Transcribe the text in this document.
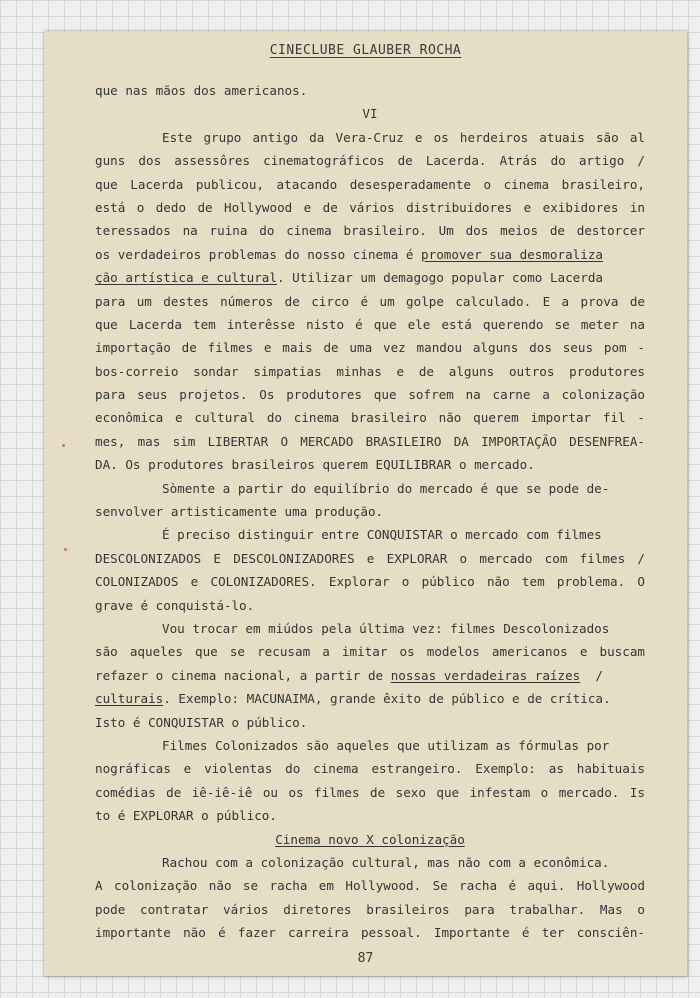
CINECLUBE GLAUBER ROCHA
que nas mãos dos americanos.
VI
Este grupo antigo da Vera-Cruz e os herdeiros atuais são al
guns dos assessôres cinematográficos de Lacerda. Atrás do artigo /
que Lacerda publicou, atacando desesperadamente o cinema brasileiro,
está o dedo de Hollywood e de vários distribuidores e exibidores in
teressados na ruina do cinema brasileiro. Um dos meios de destorcer
os verdadeiros problemas do nosso cinema é promover sua desmoraliza
ção artística e cultural. Utilizar um demagogo popular como Lacerda
para um destes números de circo é um golpe calculado. E a prova de
que Lacerda tem interêsse nisto é que ele está querendo se meter na
importação de filmes e mais de uma vez mandou alguns dos seus pom -
bos-correio sondar simpatias minhas e de alguns outros produtores
para seus projetos. Os produtores que sofrem na carne a colonização
econômica e cultural do cinema brasileiro não querem importar fil -
mes, mas sim LIBERTAR O MERCADO BRASILEIRO DA IMPORTAÇÃO DESENFREA-
DA. Os produtores brasileiros querem EQUILIBRAR o mercado.
Sòmente a partir do equilíbrio do mercado é que se pode de-
senvolver artisticamente uma produção.
É preciso distinguir entre CONQUISTAR o mercado com filmes
DESCOLONIZADOS E DESCOLONIZADORES e EXPLORAR o mercado com filmes /
COLONIZADOS e COLONIZADORES. Explorar o público não tem problema. O
grave é conquistá-lo.
Vou trocar em miúdos pela última vez: filmes Descolonizados
são aqueles que se recusam a imitar os modelos americanos e buscam
refazer o cinema nacional, a partir de nossas verdadeiras raízes  /
culturais. Exemplo: MACUNAIMA, grande êxito de público e de crítica.
Isto é CONQUISTAR o público.
Filmes Colonizados são aqueles que utilizam as fórmulas por
nográficas e violentas do cinema estrangeiro. Exemplo: as habituais
comédias de iê-iê-iê ou os filmes de sexo que infestam o mercado. Is
to é EXPLORAR o público.
Cinema novo X colonização
Rachou com a colonização cultural, mas não com a econômica.
A colonização não se racha em Hollywood. Se racha é aqui. Hollywood
pode contratar vários diretores brasileiros para trabalhar. Mas o
importante não é fazer carreira pessoal. Importante é ter consciên-
87
